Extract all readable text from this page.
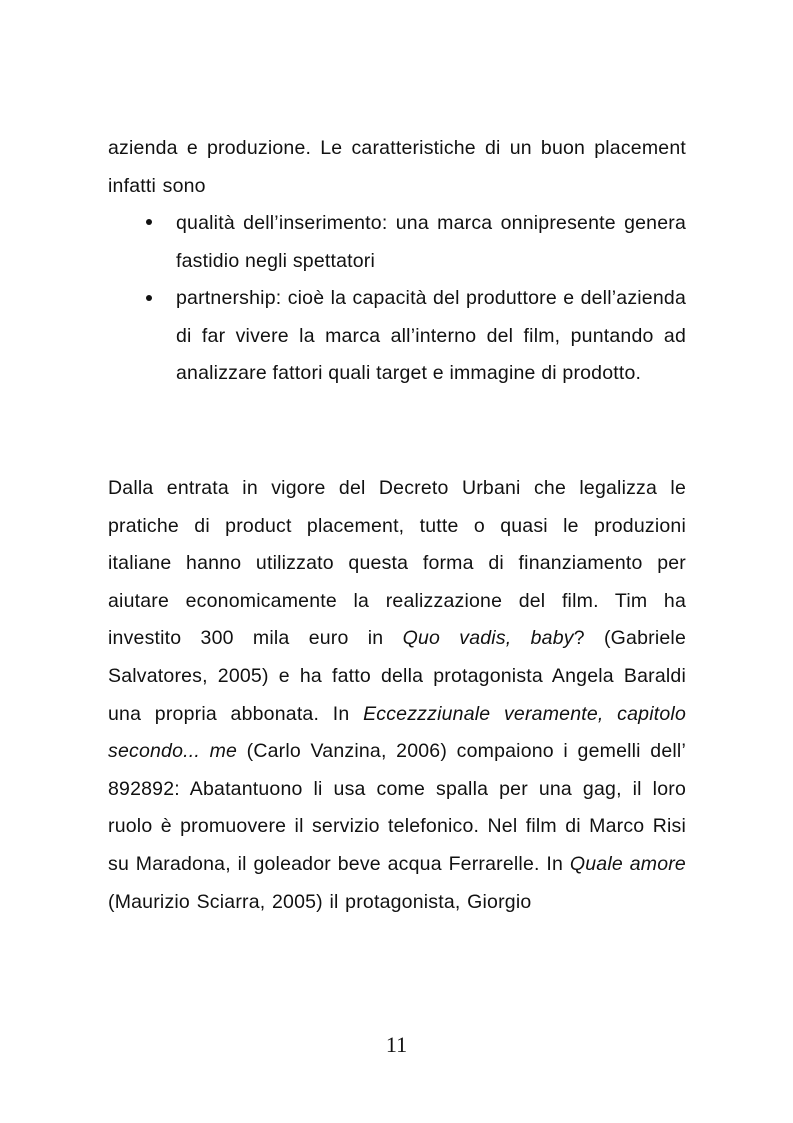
azienda e produzione. Le caratteristiche di un buon placement infatti sono

qualità dell’inserimento: una marca onnipresente genera fastidio negli spettatori
partnership: cioè la capacità del produttore e dell’azienda di far vivere la marca all’interno del film, puntando ad analizzare fattori quali target e immagine di prodotto.

Dalla entrata in vigore del Decreto Urbani che legalizza le pratiche di product placement, tutte o quasi le produzioni italiane hanno utilizzato questa forma di finanziamento per aiutare economicamente la realizzazione del film. Tim ha investito 300 mila euro in Quo vadis, baby? (Gabriele Salvatores, 2005) e ha fatto della protagonista Angela Baraldi una propria abbonata. In Eccezzziunale veramente, capitolo secondo... me (Carlo Vanzina, 2006) compaiono i gemelli dell’ 892892: Abatantuono li usa come spalla per una gag, il loro ruolo è promuovere il servizio telefonico. Nel film di Marco Risi su Maradona, il goleador beve acqua Ferrarelle. In Quale amore (Maurizio Sciarra, 2005) il protagonista, Giorgio

11
